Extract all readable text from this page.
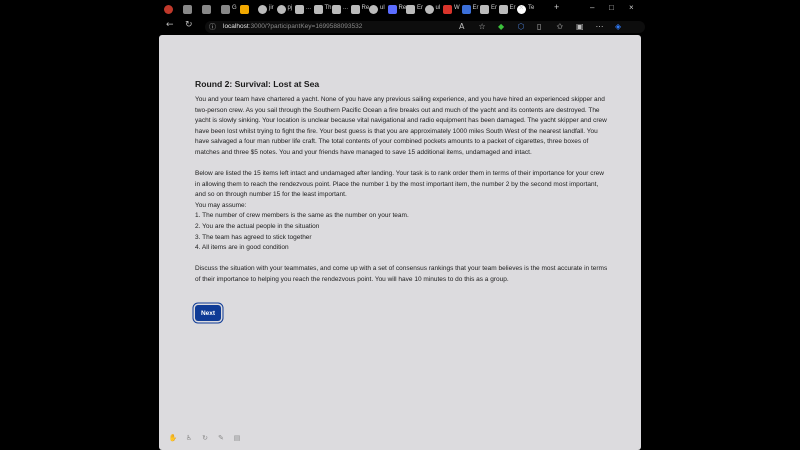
G	jir pj ... Th ... Re ul Re Er ul W Er Er Er Te
×	+	– □ ×
← ↻ ⓘ localhost:3000/?participantKey=1699588093532	A ☆ ◆ ⬡ ▯ ✩ ▣ ⋯ ◈
Round 2: Survival: Lost at Sea

You and your team have chartered a yacht. None of you have any previous sailing experience, and you have hired an experienced skipper and two-person crew. As you sail through the Southern Pacific Ocean a fire breaks out and much of the yacht and its contents are destroyed. The yacht is slowly sinking. Your location is unclear because vital navigational and radio equipment has been damaged. The yacht skipper and crew have been lost whilst trying to fight the fire. Your best guess is that you are approximately 1000 miles South West of the nearest landfall. You have salvaged a four man rubber life craft. The total contents of your combined pockets amounts to a packet of cigarettes, three boxes of matches and three $5 notes. You and your friends have managed to save 15 additional items, undamaged and intact.

Below are listed the 15 items left intact and undamaged after landing. Your task is to rank order them in terms of their importance for your crew in allowing them to reach the rendezvous point. Place the number 1 by the most important item, the number 2 by the second most important, and so on through number 15 for the least important.
You may assume:
1. The number of crew members is the same as the number on your team.
2. You are the actual people in the situation
3. The team has agreed to stick together
4. All items are in good condition

Discuss the situation with your teammates, and come up with a set of consensus rankings that your team believes is the most accurate in terms of their importance to helping you reach the rendezvous point. You will have 10 minutes to do this as a group.

Next
✋	♿	↻	✎	▤
